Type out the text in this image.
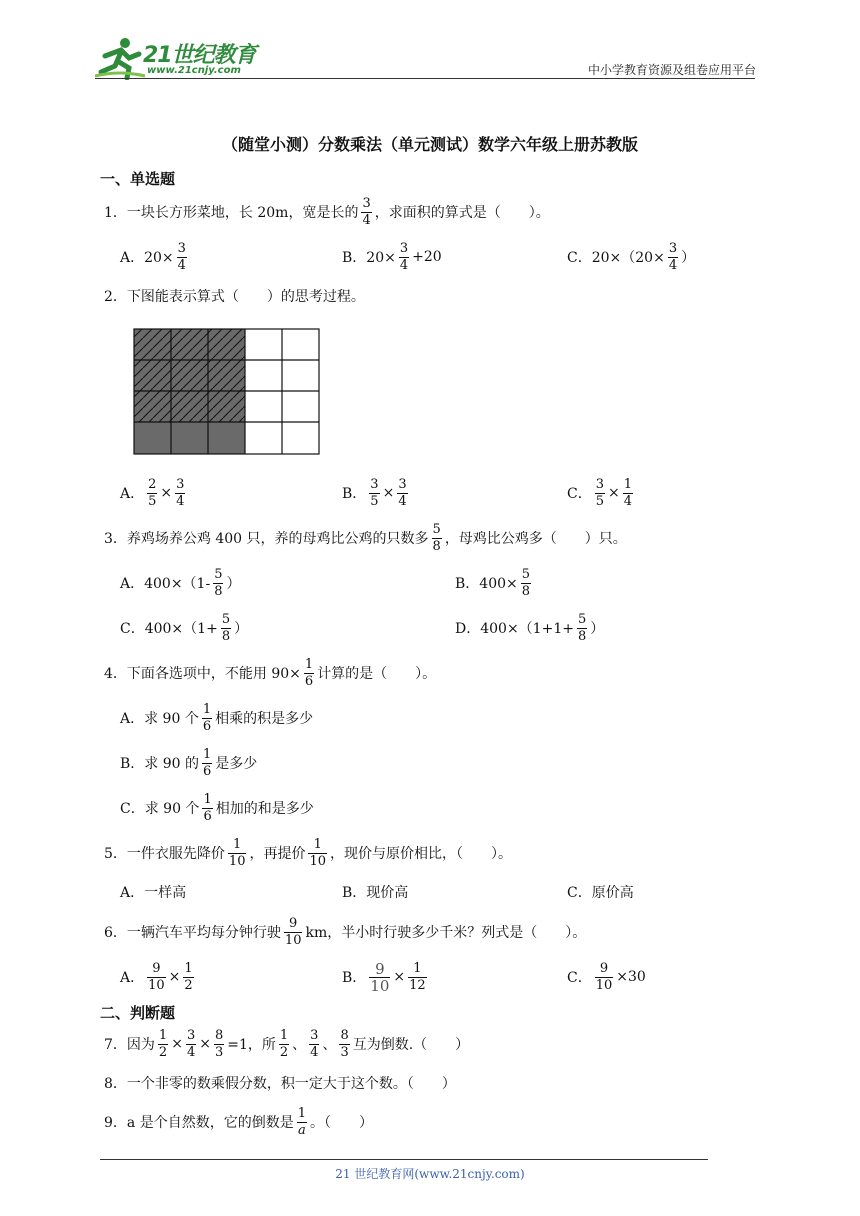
21世纪教育
www.21cnjy.com	中小学教育资源及组卷应用平台
（随堂小测）分数乘法（单元测试）数学六年级上册苏教版
一、单选题
1．一块长方形菜地，长 20m，宽是长的 $\frac{3}{4}$ ，求面积的算式是（　　）。
A．$20\times \frac{3}{4}$	B．$20\times \frac{3}{4} +20$	C．$20\times(20\times \frac{3}{4}$ ）
2．下图能表示算式（　　）的思考过程。
A． $\frac{2}{5} \times \frac{3}{4}$	B． $\frac{3}{5} \times \frac{3}{4}$	C． $\frac{3}{5} \times \frac{1}{4}$
3．养鸡场养公鸡 400 只，养的母鸡比公鸡的只数多 $\frac{5}{8}$ ，母鸡比公鸡多（　　）只。
A．$400\times(1- \frac{5}{8}$ ）	B．$400\times \frac{5}{8}$
C．$400\times(1+ \frac{5}{8}$ ）	D．$400\times(1+1+ \frac{5}{8}$ ）
4．下面各选项中，不能用 $90\times \frac{1}{6}$ 计算的是（　　）。
A．求 90 个 $\frac{1}{6}$ 相乘的积是多少
B．求 90 的 $\frac{1}{6}$ 是多少
C．求 90 个 $\frac{1}{6}$ 相加的和是多少
5．一件衣服先降价 $\frac{1}{10}$ ，再提价 $\frac{1}{10}$ ，现价与原价相比，（　　）。
A．一样高	B．现价高	C．原价高
6．一辆汽车平均每分钟行驶 $\frac{9}{10}$ km，半小时行驶多少千米？列式是（　　）。
A． $\frac{9}{10} \times \frac{1}{2}$	B． $\frac{9}{10} \times \frac{1}{12}$	C． $\frac{9}{10} \times 30$
二、判断题
7．因为 $\frac{1}{2} \times \frac{3}{4} \times \frac{8}{3} =1$，所 $\frac{1}{2}$ 、 $\frac{3}{4}$ 、 $\frac{8}{3}$ 互为倒数.（　　）
8．一个非零的数乘假分数，积一定大于这个数。（　　）
9．a 是个自然数，它的倒数是 $\frac{1}{a}$ 。（　　）
21 世纪教育网(www.21cnjy.com)
